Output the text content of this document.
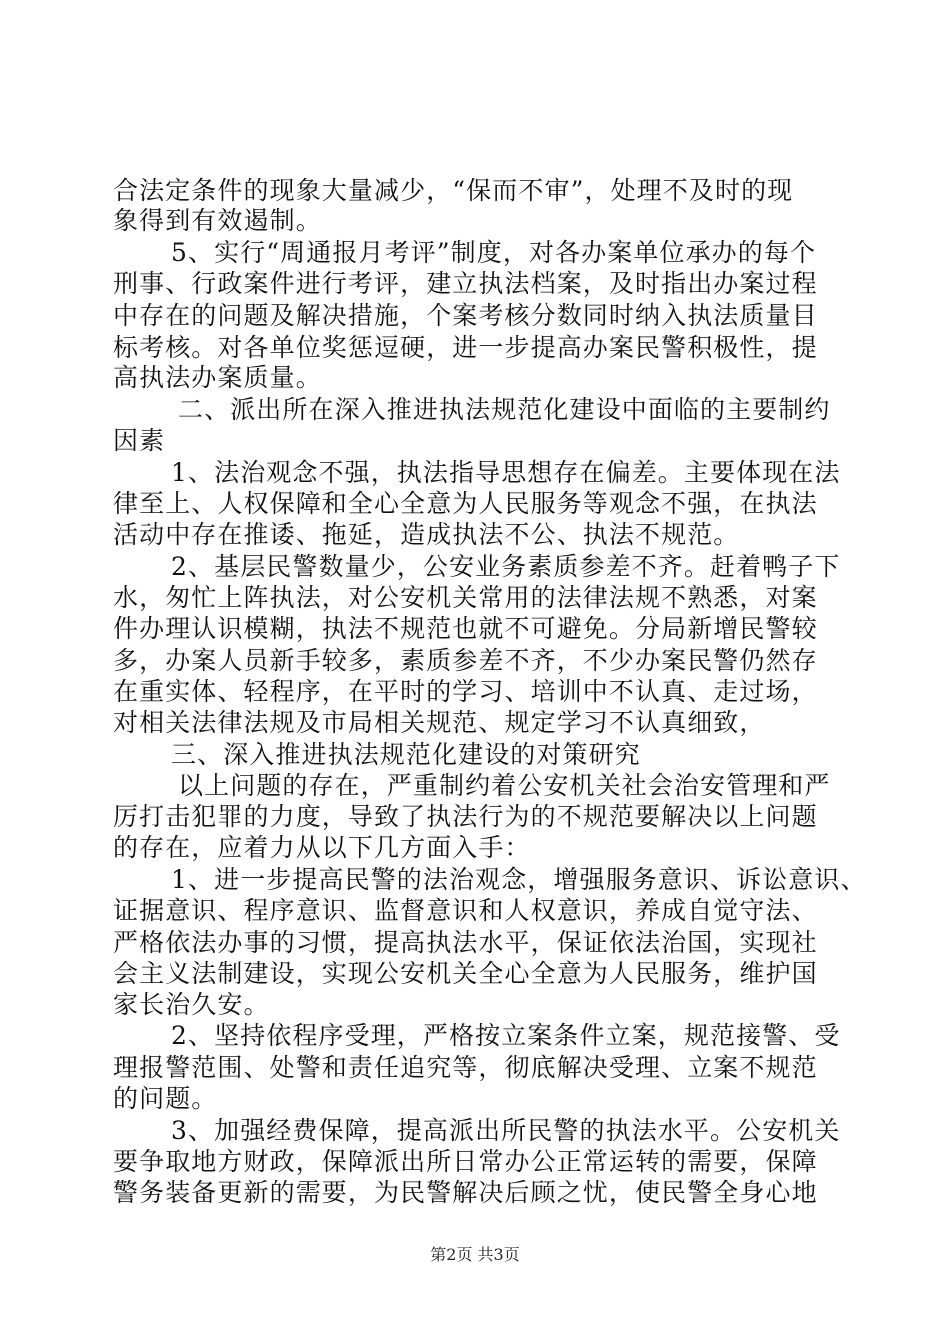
合法定条件的现象大量减少，“保而不审”，处理不及时的现
象得到有效遏制。
5、实行“周通报月考评”制度，对各办案单位承办的每个
刑事、行政案件进行考评，建立执法档案，及时指出办案过程
中存在的问题及解决措施，个案考核分数同时纳入执法质量目
标考核。对各单位奖惩逗硬，进一步提高办案民警积极性，提
高执法办案质量。
二、派出所在深入推进执法规范化建设中面临的主要制约
因素
1、法治观念不强，执法指导思想存在偏差。主要体现在法
律至上、人权保障和全心全意为人民服务等观念不强，在执法
活动中存在推诿、拖延，造成执法不公、执法不规范。
2、基层民警数量少，公安业务素质参差不齐。赶着鸭子下
水，匆忙上阵执法，对公安机关常用的法律法规不熟悉，对案
件办理认识模糊，执法不规范也就不可避免。分局新增民警较
多，办案人员新手较多，素质参差不齐，不少办案民警仍然存
在重实体、轻程序，在平时的学习、培训中不认真、走过场，
对相关法律法规及市局相关规范、规定学习不认真细致，
三、深入推进执法规范化建设的对策研究
以上问题的存在，严重制约着公安机关社会治安管理和严
厉打击犯罪的力度，导致了执法行为的不规范要解决以上问题
的存在，应着力从以下几方面入手：
1、进一步提高民警的法治观念，增强服务意识、诉讼意识、
证据意识、程序意识、监督意识和人权意识，养成自觉守法、
严格依法办事的习惯，提高执法水平，保证依法治国，实现社
会主义法制建设，实现公安机关全心全意为人民服务，维护国
家长治久安。
2、坚持依程序受理，严格按立案条件立案，规范接警、受
理报警范围、处警和责任追究等，彻底解决受理、立案不规范
的问题。
3、加强经费保障，提高派出所民警的执法水平。公安机关
要争取地方财政，保障派出所日常办公正常运转的需要，保障
警务装备更新的需要，为民警解决后顾之忧，使民警全身心地
第2页 共3页
